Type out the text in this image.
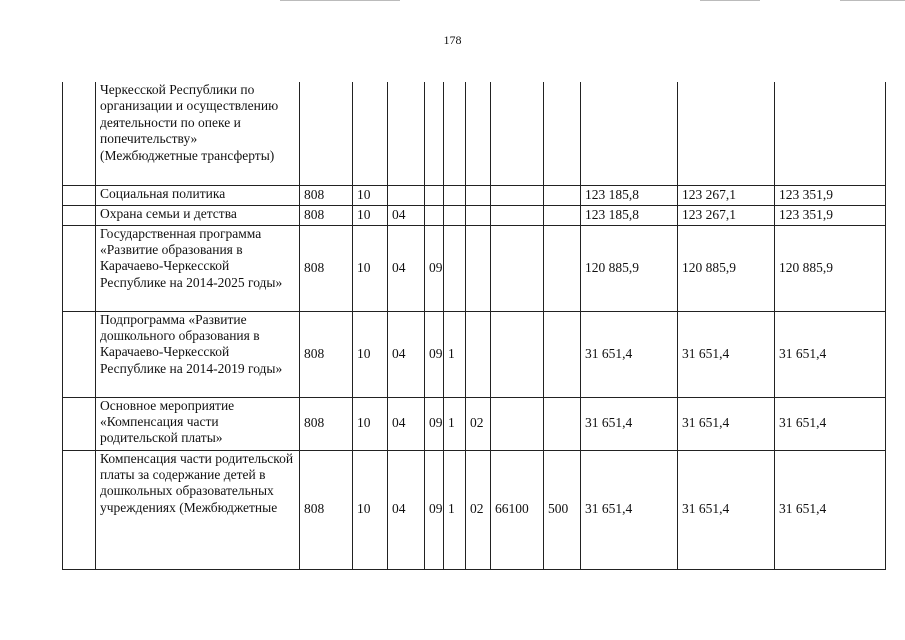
178
	Черкесской Республики по организации и осуществлению деятельности по опеке и попечительству» (Межбюджетные трансферты)											
	Социальная политика	808	10							123 185,8	123 267,1	123 351,9
	Охрана семьи и детства	808	10	04						123 185,8	123 267,1	123 351,9
	Государственная программа «Развитие образования в Карачаево-Черкесской Республике на 2014-2025 годы»	808	10	04	09					120 885,9	120 885,9	120 885,9
	Подпрограмма «Развитие дошкольного образования в Карачаево-Черкесской Республике на 2014-2019 годы»	808	10	04	09	1				31 651,4	31 651,4	31 651,4
	Основное мероприятие «Компенсация части родительской платы»	808	10	04	09	1	02			31 651,4	31 651,4	31 651,4
	Компенсация части родительской платы за содержание детей в дошкольных образовательных учреждениях (Межбюджетные	808	10	04	09	1	02	66100	500	31 651,4	31 651,4	31 651,4
